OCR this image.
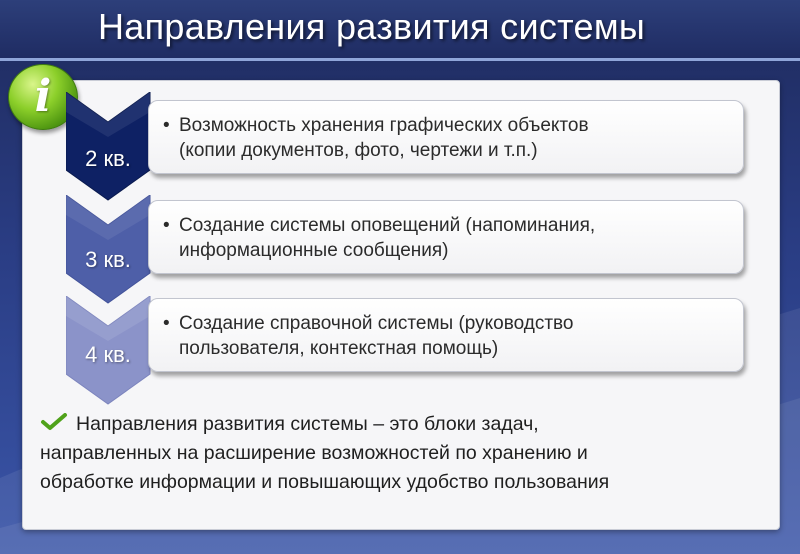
Направления развития системы
i
2 кв.
• Возможность хранения графических объектов
(копии документов, фото, чертежи и т.п.)
3 кв.
• Создание системы оповещений (напоминания,
информационные сообщения)
4 кв.
• Создание справочной системы (руководство
пользователя, контекстная помощь)
Направления развития системы – это блоки задач,
направленных на расширение возможностей по хранению и
обработке информации и повышающих удобство пользования
